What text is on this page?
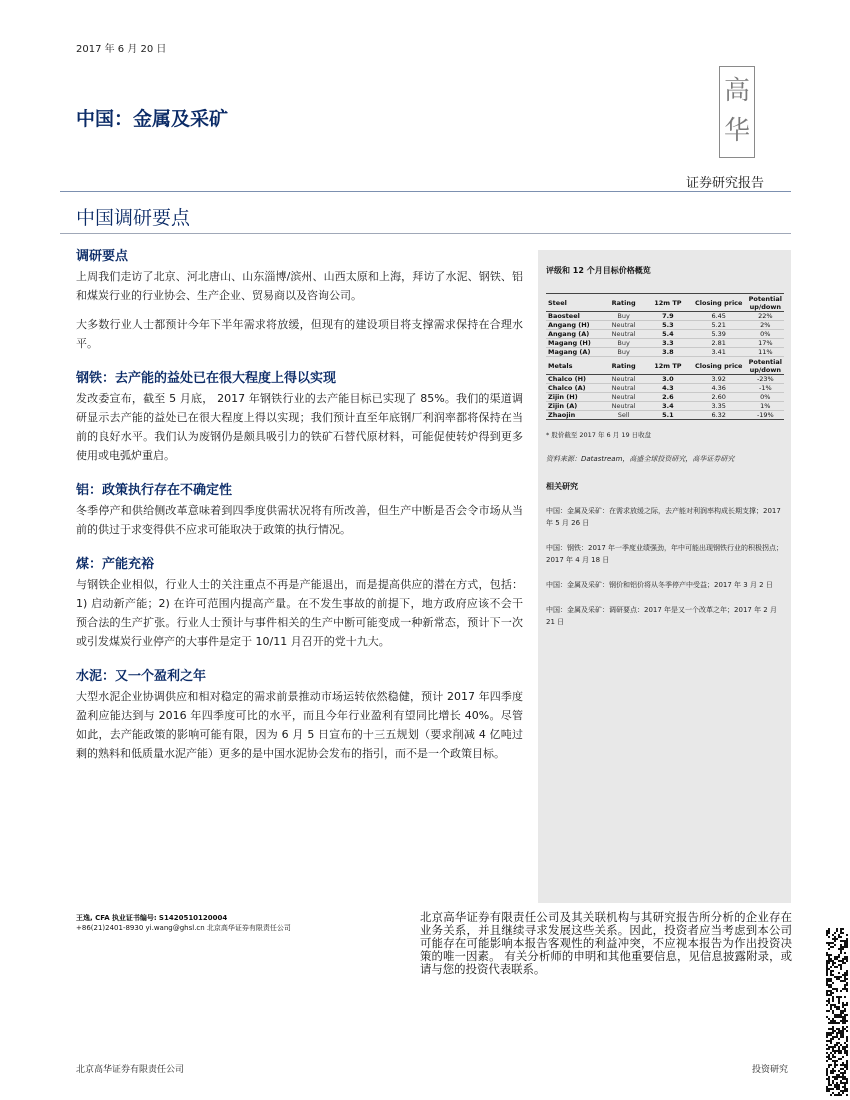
2017 年 6 月 20 日
高华
中国：金属及采矿
证券研究报告
中国调研要点
调研要点

上周我们走访了北京、河北唐山、山东淄博/滨州、山西太原和上海，拜访了水泥、钢铁、铝和煤炭行业的行业协会、生产企业、贸易商以及咨询公司。

大多数行业人士都预计今年下半年需求将放缓，但现有的建设项目将支撑需求保持在合理水平。

钢铁：去产能的益处已在很大程度上得以实现

发改委宣布，截至 5 月底， 2017 年钢铁行业的去产能目标已实现了 85%。我们的渠道调研显示去产能的益处已在很大程度上得以实现；我们预计直至年底钢厂利润率都将保持在当前的良好水平。我们认为废钢仍是颇具吸引力的铁矿石替代原材料，可能促使转炉得到更多使用或电弧炉重启。

铝：政策执行存在不确定性

冬季停产和供给侧改革意味着到四季度供需状况将有所改善，但生产中断是否会令市场从当前的供过于求变得供不应求可能取决于政策的执行情况。

煤：产能充裕

与钢铁企业相似，行业人士的关注重点不再是产能退出，而是提高供应的潜在方式，包括：1) 启动新产能；2) 在许可范围内提高产量。在不发生事故的前提下，地方政府应该不会干预合法的生产扩张。行业人士预计与事件相关的生产中断可能变成一种新常态，预计下一次或引发煤炭行业停产的大事件是定于 10/11 月召开的党十九大。

水泥：又一个盈利之年

大型水泥企业协调供应和相对稳定的需求前景推动市场运转依然稳健，预计 2017 年四季度盈利应能达到与 2016 年四季度可比的水平，而且今年行业盈利有望同比增长 40%。尽管如此，去产能政策的影响可能有限，因为 6 月 5 日宣布的十三五规划（要求削减 4 亿吨过剩的熟料和低质量水泥产能）更多的是中国水泥协会发布的指引，而不是一个政策目标。

评级和 12 个月目标价格概览
Steel	Rating	12m TP	Closing price	Potential up/down
Baosteel	Buy	7.9	6.45	22%
Angang (H)	Neutral	5.3	5.21	2%
Angang (A)	Neutral	5.4	5.39	0%
Magang (H)	Buy	3.3	2.81	17%
Magang (A)	Buy	3.8	3.41	11%
Metals	Rating	12m TP	Closing price	Potential up/down
Chalco (H)	Neutral	3.0	3.92	-23%
Chalco (A)	Neutral	4.3	4.36	-1%
Zijin (H)	Neutral	2.6	2.60	0%
Zijin (A)	Neutral	3.4	3.35	1%
Zhaojin	Sell	5.1	6.32	-19%
* 股价截至 2017 年 6 月 19 日收盘
资料来源：Datastream，高盛全球投资研究，高华证券研究
相关研究
中国：金属及采矿：在需求放缓之际，去产能对利润率构成长期支撑；2017 年 5 月 26 日
中国：钢铁：2017 年一季度业绩强劲，年中可能出现钢铁行业的积极拐点；2017 年 4 月 18 日
中国：金属及采矿：钢价和铝价将从冬季停产中受益；2017 年 3 月 2 日
中国：金属及采矿：调研要点：2017 年是又一个改革之年；2017 年 2 月 21 日
王逸, CFA 执业证书编号: S1420510120004
+86(21)2401-8930 yi.wang@ghsl.cn 北京高华证券有限责任公司
北京高华证券有限责任公司及其关联机构与其研究报告所分析的企业存在业务关系，并且继续寻求发展这些关系。因此，投资者应当考虑到本公司可能存在可能影响本报告客观性的利益冲突，不应视本报告为作出投资决策的唯一因素。 有关分析师的申明和其他重要信息，见信息披露附录，或请与您的投资代表联系。
北京高华证券有限责任公司	投资研究
